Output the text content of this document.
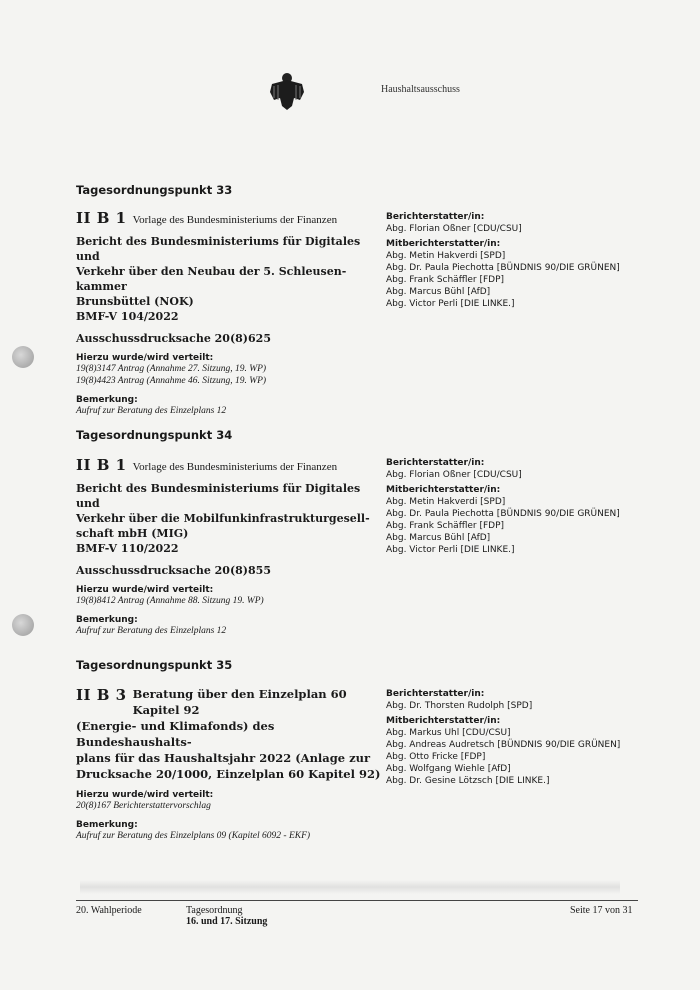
Haushaltsausschuss
Tagesordnungspunkt 33
II B 1 Vorlage des Bundesministeriums der Finanzen
Bericht des Bundesministeriums für Digitales und
Verkehr über den Neubau der 5. Schleusen-kammer
Brunsbüttel (NOK)
BMF-V 104/2022
Ausschussdrucksache 20(8)625
Hierzu wurde/wird verteilt:
19(8)3147 Antrag (Annahme 27. Sitzung, 19. WP)
19(8)4423 Antrag (Annahme 46. Sitzung, 19. WP)
Bemerkung:
Aufruf zur Beratung des Einzelplans 12
Berichterstatter/in:
Abg. Florian Oßner [CDU/CSU]
Mitberichterstatter/in:
Abg. Metin Hakverdi [SPD]
Abg. Dr. Paula Piechotta [BÜNDNIS 90/DIE GRÜNEN]
Abg. Frank Schäffler [FDP]
Abg. Marcus Bühl [AfD]
Abg. Victor Perli [DIE LINKE.]
Tagesordnungspunkt 34
II B 1 Vorlage des Bundesministeriums der Finanzen
Bericht des Bundesministeriums für Digitales und
Verkehr über die Mobilfunkinfrastrukturgesell-
schaft mbH (MIG)
BMF-V 110/2022
Ausschussdrucksache 20(8)855
Hierzu wurde/wird verteilt:
19(8)8412 Antrag (Annahme 88. Sitzung 19. WP)
Bemerkung:
Aufruf zur Beratung des Einzelplans 12
Berichterstatter/in:
Abg. Florian Oßner [CDU/CSU]
Mitberichterstatter/in:
Abg. Metin Hakverdi [SPD]
Abg. Dr. Paula Piechotta [BÜNDNIS 90/DIE GRÜNEN]
Abg. Frank Schäffler [FDP]
Abg. Marcus Bühl [AfD]
Abg. Victor Perli [DIE LINKE.]
Tagesordnungspunkt 35
II B 3 Beratung über den Einzelplan 60 Kapitel 92
(Energie- und Klimafonds) des Bundeshaushalts-
plans für das Haushaltsjahr 2022 (Anlage zur
Drucksache 20/1000, Einzelplan 60 Kapitel 92)
Hierzu wurde/wird verteilt:
20(8)167 Berichterstattervorschlag
Bemerkung:
Aufruf zur Beratung des Einzelplans 09 (Kapitel 6092 - EKF)
Berichterstatter/in:
Abg. Dr. Thorsten Rudolph [SPD]
Mitberichterstatter/in:
Abg. Markus Uhl [CDU/CSU]
Abg. Andreas Audretsch [BÜNDNIS 90/DIE GRÜNEN]
Abg. Otto Fricke [FDP]
Abg. Wolfgang Wiehle [AfD]
Abg. Dr. Gesine Lötzsch [DIE LINKE.]
20. Wahlperiode	Tagesordnung
16. und 17. Sitzung
Seite 17 von 31
